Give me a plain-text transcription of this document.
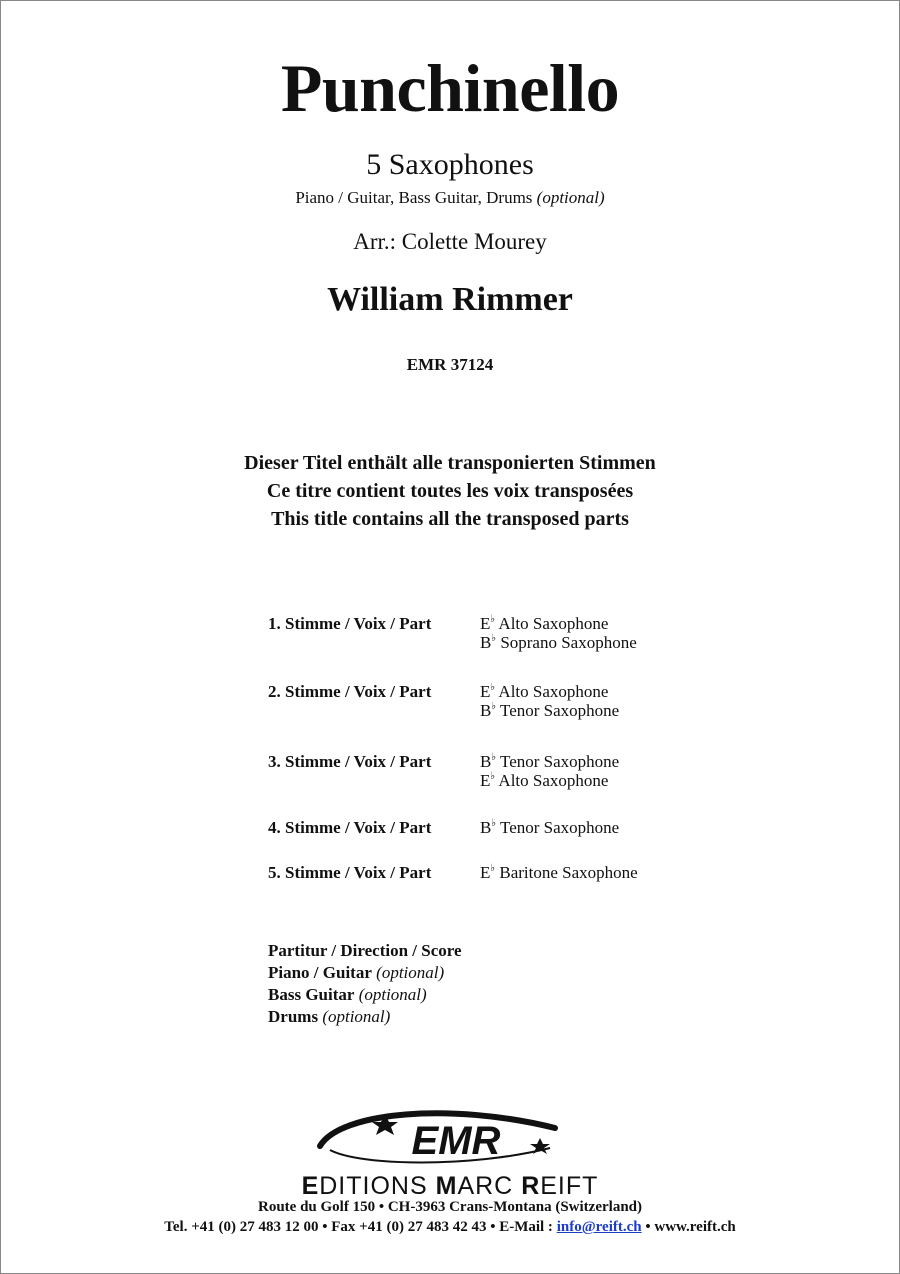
Punchinello
5 Saxophones
Piano / Guitar, Bass Guitar, Drums (optional)
Arr.: Colette Mourey
William Rimmer
EMR 37124
Dieser Titel enthält alle transponierten Stimmen
Ce titre contient toutes les voix transposées
This title contains all the transposed parts
1. Stimme / Voix / Part	E♭ Alto Saxophone
B♭ Soprano Saxophone
2. Stimme / Voix / Part	E♭ Alto Saxophone
B♭ Tenor Saxophone
3. Stimme / Voix / Part	B♭ Tenor Saxophone
E♭ Alto Saxophone
4. Stimme / Voix / Part	B♭ Tenor Saxophone
5. Stimme / Voix / Part	E♭ Baritone Saxophone
Partitur / Direction / Score
Piano / Guitar (optional)
Bass Guitar (optional)
Drums (optional)
EMR
EDITIONS MARC REIFT
Route du Golf 150 • CH-3963 Crans-Montana (Switzerland)
Tel. +41 (0) 27 483 12 00 • Fax +41 (0) 27 483 42 43 • E-Mail : info@reift.ch • www.reift.ch
